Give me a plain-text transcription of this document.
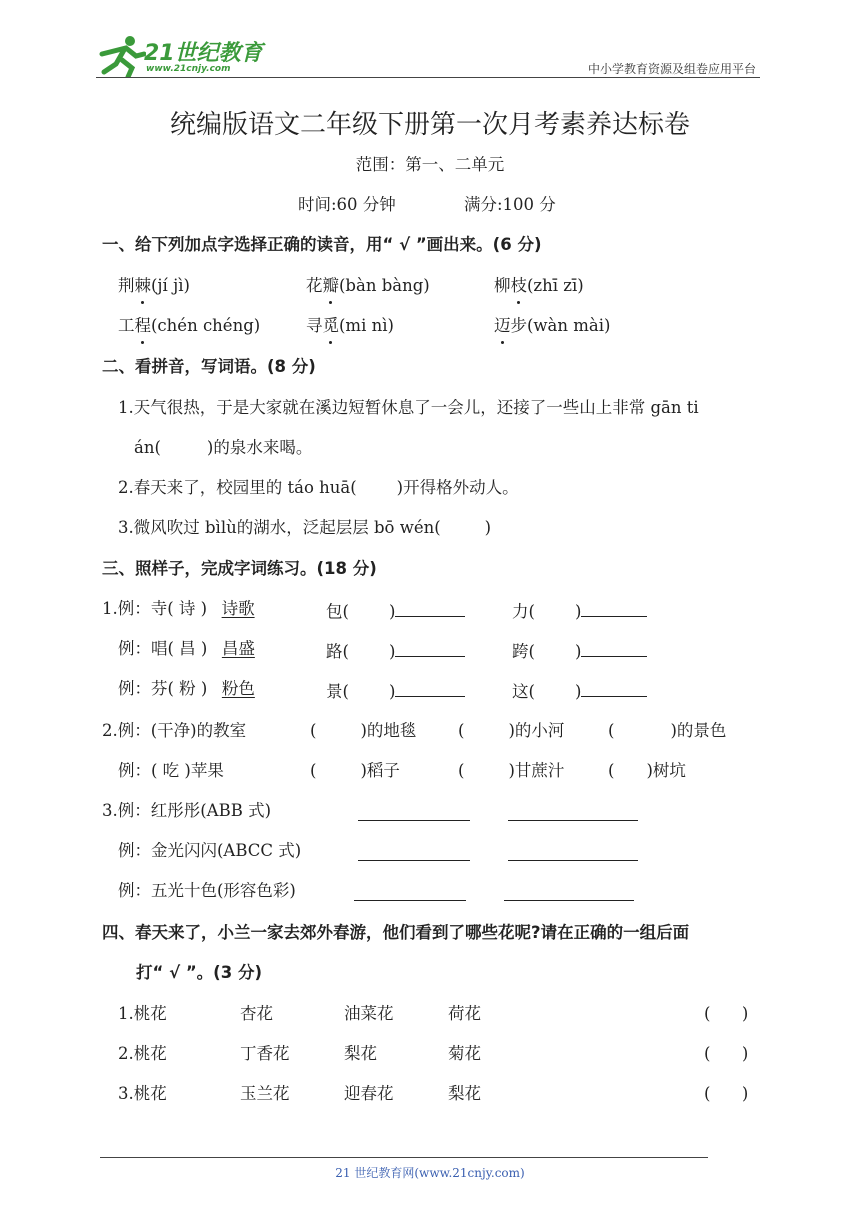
21世纪教育
www.21cnjy.com	中小学教育资源及组卷应用平台
统编版语文二年级下册第一次月考素养达标卷
范围：第一、二单元
时间:60 分钟	满分:100 分
一、给下列加点字选择正确的读音，用“ √ ”画出来。(6 分)
荆棘(jí jì)	花瓣(bàn bàng)	柳枝(zhī zī)
工程(chén chéng)	寻觅(mi nì)	迈步(wàn mài)
二、看拼音，写词语。(8 分)
1.天气很热，于是大家就在溪边短暂休息了一会儿，还接了一些山上非常 gān ti
án(	)的泉水来喝。
2.春天来了，校园里的 táo huā( )开得格外动人。
3.微风吹过 bìlù的湖水，泛起层层 bō wén(	)
三、照样子，完成字词练习。(18 分)
1.例：寺( 诗 ) 诗歌	包( )	力( )
例：唱( 昌 ) 昌盛	路( )	跨( )
例：芬( 粉 ) 粉色	景( )	这( )
2.例：(干净)的教室	(	)的地毯	(	)的小河	(	)的景色
例：( 吃 )苹果	(	)稻子	(	)甘蔗汁	( )树坑
3.例：红彤彤(ABB 式)
例：金光闪闪(ABCC 式)
例：五光十色(形容色彩)
四、春天来了，小兰一家去郊外春游，他们看到了哪些花呢?请在正确的一组后面
打“ √ ”。(3 分)
1.桃花	杏花	油菜花	荷花	(      )
2.桃花	丁香花	梨花	菊花	(      )
3.桃花	玉兰花	迎春花	梨花	(      )
21 世纪教育网(www.21cnjy.com)
